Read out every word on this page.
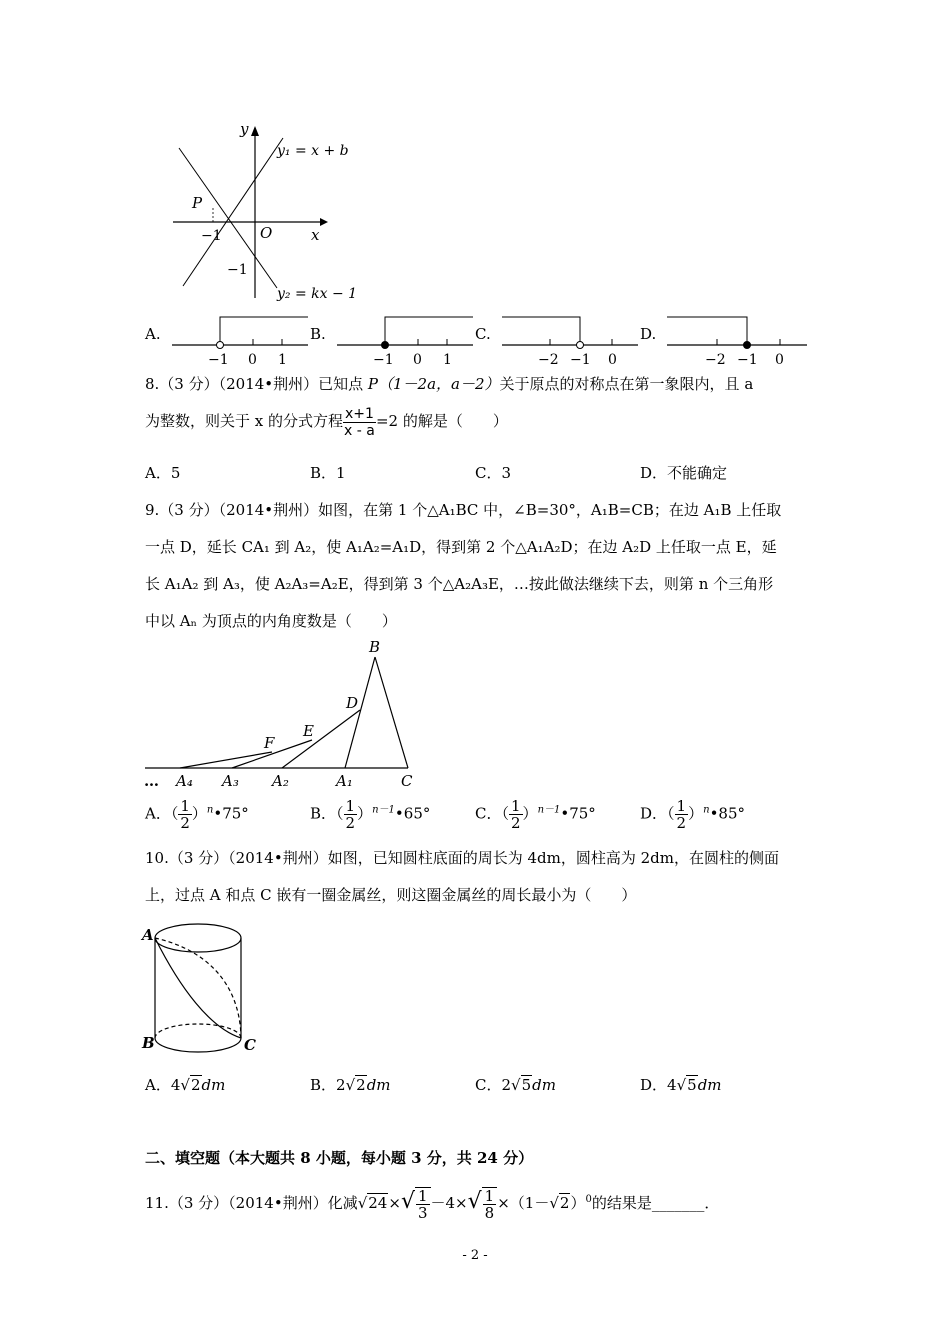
y
x
O
P
−1
−1
y₁ = x + b
y₂ = kx − 1
A.
−1 0 1
B.
−1 0 1
C.
−2 −1 0
D.
−2 −1 0
8.（3 分）（2014•荆州）已知点 P（1－2a，a－2）关于原点的对称点在第一象限内，且 a
为整数，则关于 x 的分式方程 $\frac{x+1}{x - a} =2$ 的解是（　　）
A．5	B．1	C．3	D．不能确定
9.（3 分）（2014•荆州）如图，在第 1 个△A₁BC 中，∠B=30°，A₁B=CB；在边 A₁B 上任取
一点 D，延长 CA₁ 到 A₂，使 A₁A₂=A₁D，得到第 2 个△A₁A₂D；在边 A₂D 上任取一点 E，延
长 A₁A₂ 到 A₃，使 A₂A₃=A₂E，得到第 3 个△A₂A₃E，…按此做法继续下去，则第 n 个三角形
中以 Aₙ 为顶点的内角度数是（　　）
B
D
E
F
… A₄ A₃ A₂	A₁	C
A．（ $\frac{1}{2}$ ）$^n$•75°	B．（ $\frac{1}{2}$ ）$^{n-1}$•65°	C．（ $\frac{1}{2}$ ）$^{n-1}$•75°	D．（ $\frac{1}{2}$ ）$^n$•85°
10.（3 分）（2014•荆州）如图，已知圆柱底面的周长为 4dm，圆柱高为 2dm，在圆柱的侧面
上，过点 A 和点 C 嵌有一圈金属丝，则这圈金属丝的周长最小为（　　）
A
B	C
A．4√2dm	B．2√2dm	C．2√5dm	D．4√5dm
二、填空题（本大题共 8 小题，每小题 3 分，共 24 分）
11.（3 分）（2014•荆州）化减$√24\times√ \frac{1}{3} -4\times√ \frac{1}{8} \times(1-√2)^0$的结果是_______．
- 2 -
